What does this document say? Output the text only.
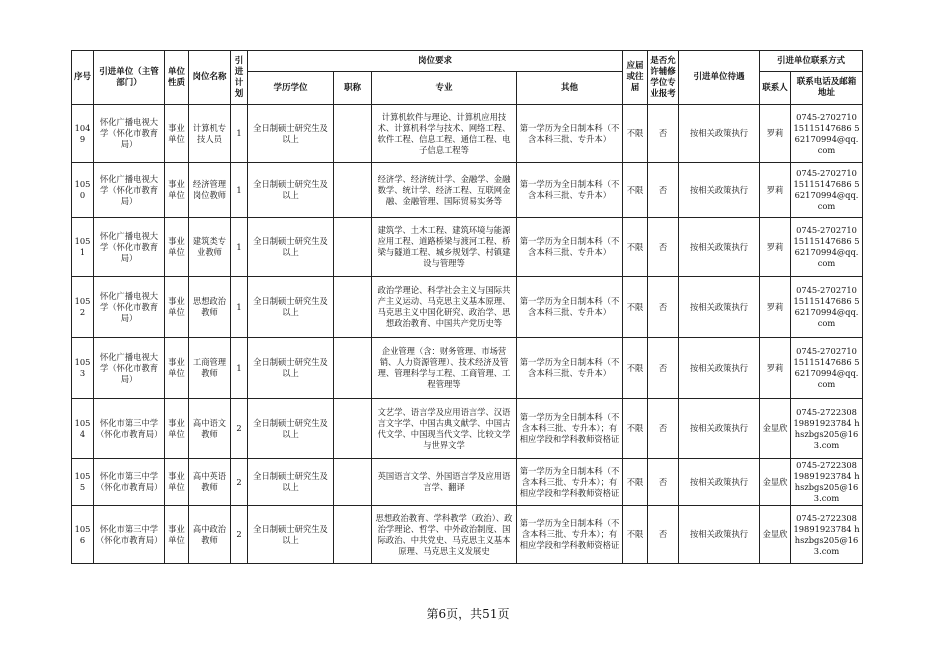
序号	引进单位（主管部门）	单位性质	岗位名称	引进计划	岗位要求				应届或往届	是否允许辅修学位专业报考	引进单位待遇	引进单位联系方式	
					学历学位	职称	专业	其他				联系人	联系电话及邮箱地址
1049	怀化广播电视大学（怀化市教育局）	事业单位	计算机专技人员	1	全日制硕士研究生及以上		计算机软件与理论、计算机应用技术、计算机科学与技术、网络工程、软件工程、信息工程、通信工程、电子信息工程等	第一学历为全日制本科（不含本科三批、专升本）	不限	否	按相关政策执行	罗莉	0745-2702710 15115147686 562170994@qq.com
1050	怀化广播电视大学（怀化市教育局）	事业单位	经济管理岗位教师	1	全日制硕士研究生及以上		经济学、经济统计学、金融学、金融数学、统计学、经济工程、互联网金融、金融管理、国际贸易实务等	第一学历为全日制本科（不含本科三批、专升本）	不限	否	按相关政策执行	罗莉	0745-2702710 15115147686 562170994@qq.com
1051	怀化广播电视大学（怀化市教育局）	事业单位	建筑类专业教师	1	全日制硕士研究生及以上		建筑学、土木工程、建筑环境与能源应用工程、道路桥梁与渡河工程、桥梁与隧道工程、城乡规划学、村镇建设与管理等	第一学历为全日制本科（不含本科三批、专升本）	不限	否	按相关政策执行	罗莉	0745-2702710 15115147686 562170994@qq.com
1052	怀化广播电视大学（怀化市教育局）	事业单位	思想政治教师	1	全日制硕士研究生及以上		政治学理论、科学社会主义与国际共产主义运动、马克思主义基本原理、马克思主义中国化研究、政治学、思想政治教育、中国共产党历史等	第一学历为全日制本科（不含本科三批、专升本）	不限	否	按相关政策执行	罗莉	0745-2702710 15115147686 562170994@qq.com
1053	怀化广播电视大学（怀化市教育局）	事业单位	工商管理教师	1	全日制硕士研究生及以上		企业管理（含：财务管理、市场营销、人力资源管理）、技术经济及管理、管理科学与工程、工商管理、工程管理等	第一学历为全日制本科（不含本科三批、专升本）	不限	否	按相关政策执行	罗莉	0745-2702710 15115147686 562170994@qq.com
1054	怀化市第三中学（怀化市教育局）	事业单位	高中语文教师	2	全日制硕士研究生及以上		文艺学、语言学及应用语言学、汉语言文字学、中国古典文献学、中国古代文学、中国现当代文学、比较文学与世界文学	第一学历为全日制本科（不含本科三批、专升本）；有相应学段和学科教师资格证	不限	否	按相关政策执行	金显欣	0745-2722308 19891923784 hhszbgs205@163.com
1055	怀化市第三中学（怀化市教育局）	事业单位	高中英语教师	2	全日制硕士研究生及以上		英国语言文学、外国语言学及应用语言学、翻译	第一学历为全日制本科（不含本科三批、专升本）；有相应学段和学科教师资格证	不限	否	按相关政策执行	金显欣	0745-2722308 19891923784 hhszbgs205@163.com
1056	怀化市第三中学（怀化市教育局）	事业单位	高中政治教师	2	全日制硕士研究生及以上		思想政治教育、学科教学（政治）、政治学理论、哲学、中外政治制度、国际政治、中共党史、马克思主义基本原理、马克思主义发展史	第一学历为全日制本科（不含本科三批、专升本）；有相应学段和学科教师资格证	不限	否	按相关政策执行	金显欣	0745-2722308 19891923784 hhszbgs205@163.com
第6页，共51页
